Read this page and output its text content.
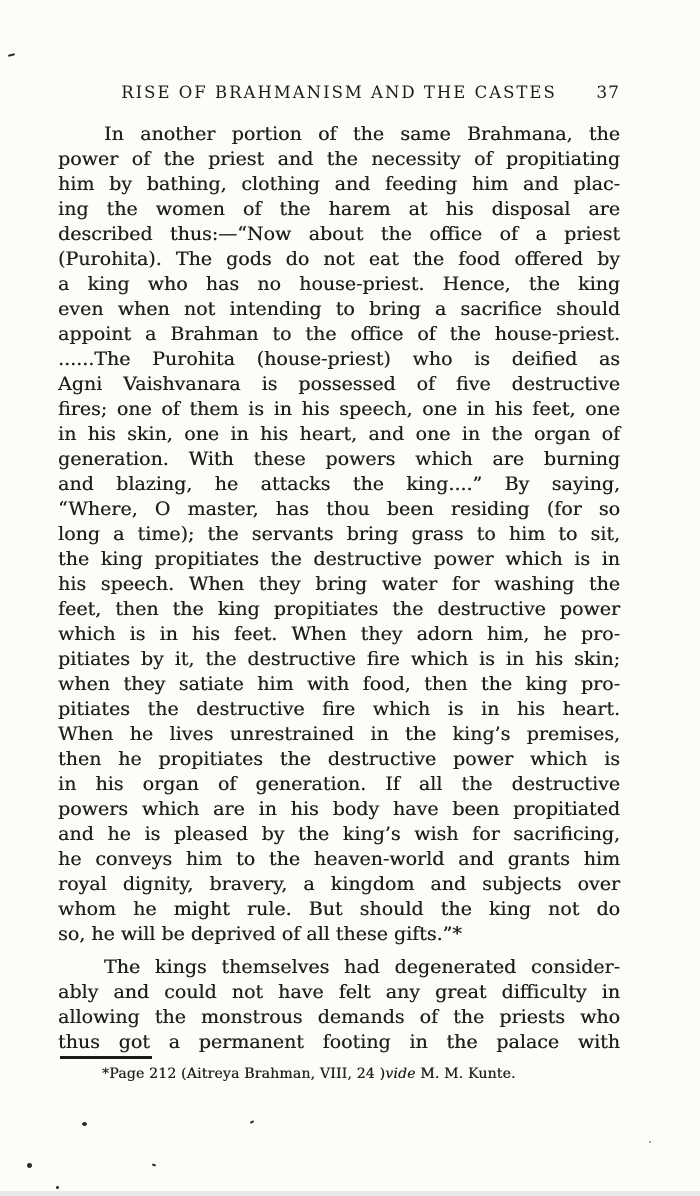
RISE OF BRAHMANISM AND THE CASTES	37
In another portion of the same Brahmana, the
power of the priest and the necessity of propitiating
him by bathing, clothing and feeding him and plac-
ing the women of the harem at his disposal are
described thus:—“Now about the office of a priest
(Purohita). The gods do not eat the food offered by
a king who has no house-priest. Hence, the king
even when not intending to bring a sacrifice should
appoint a Brahman to the office of the house-priest.
......The Purohita (house-priest) who is deified as
Agni Vaishvanara is possessed of five destructive
fires; one of them is in his speech, one in his feet, one
in his skin, one in his heart, and one in the organ of
generation. With these powers which are burning
and blazing, he attacks the king....” By saying,
“Where, O master, has thou been residing (for so
long a time); the servants bring grass to him to sit,
the king propitiates the destructive power which is in
his speech. When they bring water for washing the
feet, then the king propitiates the destructive power
which is in his feet. When they adorn him, he pro-
pitiates by it, the destructive fire which is in his skin;
when they satiate him with food, then the king pro-
pitiates the destructive fire which is in his heart.
When he lives unrestrained in the king’s premises,
then he propitiates the destructive power which is
in his organ of generation. If all the destructive
powers which are in his body have been propitiated
and he is pleased by the king’s wish for sacrificing,
he conveys him to the heaven-world and grants him
royal dignity, bravery, a kingdom and subjects over
whom he might rule. But should the king not do
so, he will be deprived of all these gifts.”*
The kings themselves had degenerated consider-
ably and could not have felt any great difficulty in
allowing the monstrous demands of the priests who
thus got a permanent footing in the palace with
*Page 212 (Aitreya Brahman, VIII, 24 )vide M. M. Kunte.
